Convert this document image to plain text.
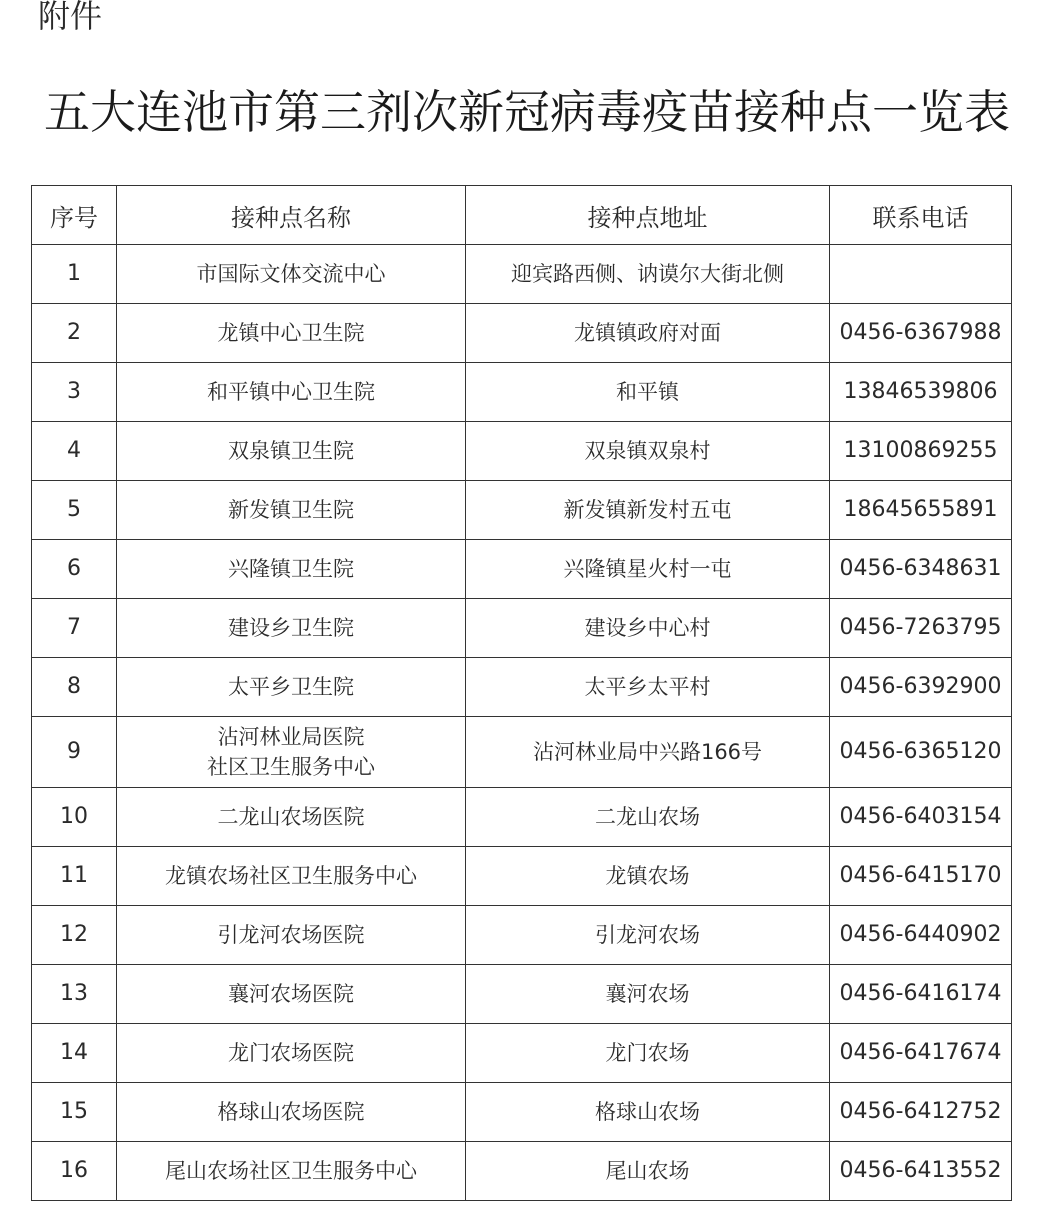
附件
五大连池市第三剂次新冠病毒疫苗接种点一览表
序号	接种点名称	接种点地址	联系电话
1	市国际文体交流中心	迎宾路西侧、讷谟尔大街北侧	
2	龙镇中心卫生院	龙镇镇政府对面	0456-6367988
3	和平镇中心卫生院	和平镇	13846539806
4	双泉镇卫生院	双泉镇双泉村	13100869255
5	新发镇卫生院	新发镇新发村五屯	18645655891
6	兴隆镇卫生院	兴隆镇星火村一屯	0456-6348631
7	建设乡卫生院	建设乡中心村	0456-7263795
8	太平乡卫生院	太平乡太平村	0456-6392900
9	沾河林业局医院
社区卫生服务中心	沾河林业局中兴路166号	0456-6365120
10	二龙山农场医院	二龙山农场	0456-6403154
11	龙镇农场社区卫生服务中心	龙镇农场	0456-6415170
12	引龙河农场医院	引龙河农场	0456-6440902
13	襄河农场医院	襄河农场	0456-6416174
14	龙门农场医院	龙门农场	0456-6417674
15	格球山农场医院	格球山农场	0456-6412752
16	尾山农场社区卫生服务中心	尾山农场	0456-6413552
